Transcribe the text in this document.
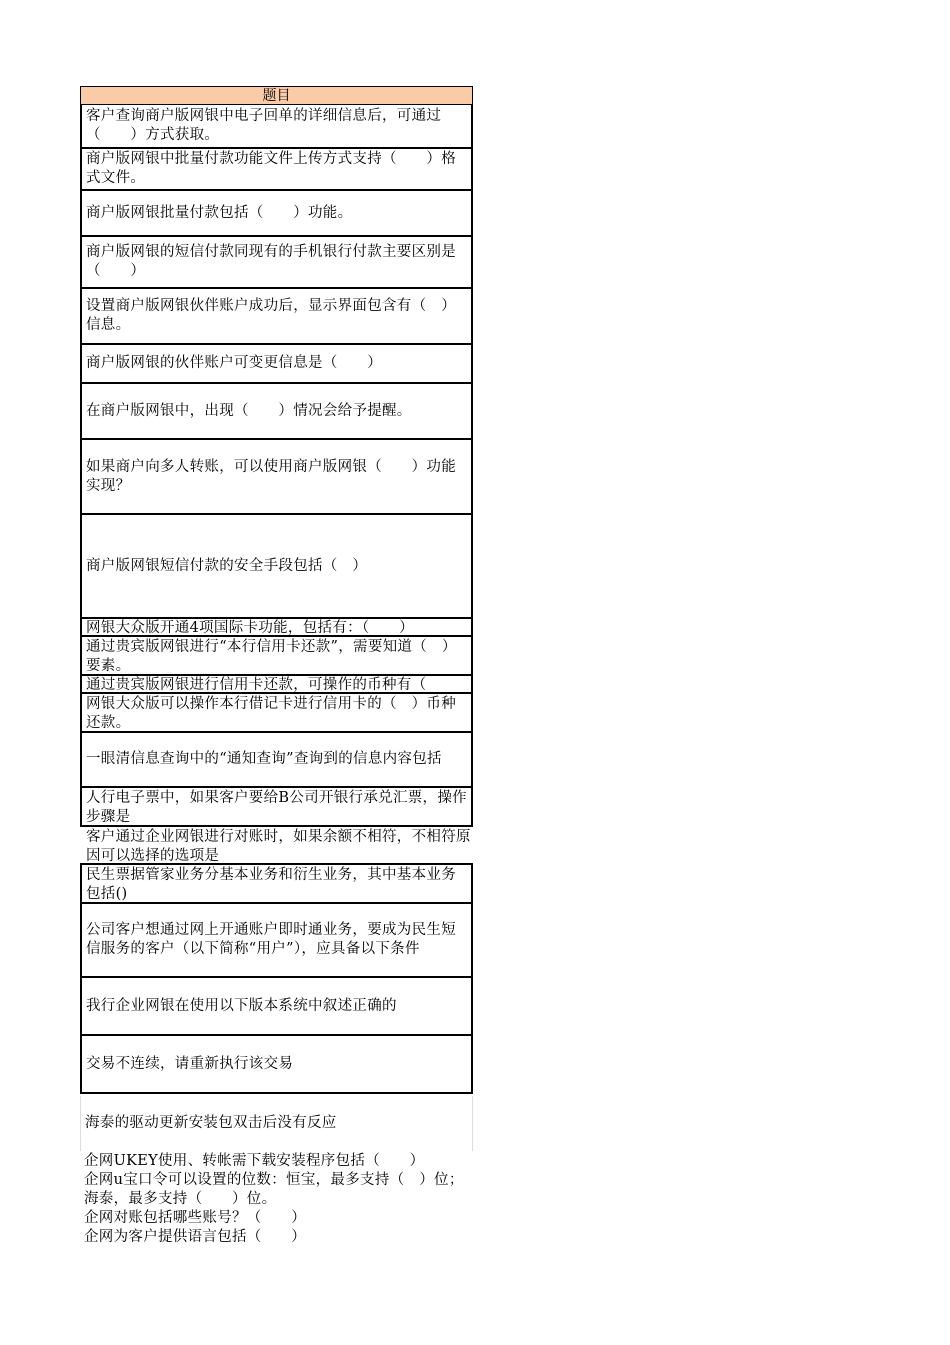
题目
客户查询商户版网银中电子回单的详细信息后，可通过（　　）方式获取。
商户版网银中批量付款功能文件上传方式支持（　　）格式文件。
商户版网银批量付款包括（　　）功能。
商户版网银的短信付款同现有的手机银行付款主要区别是（　　）
设置商户版网银伙伴账户成功后，显示界面包含有（　）信息。
商户版网银的伙伴账户可变更信息是（　　）
在商户版网银中，出现（　　）情况会给予提醒。
如果商户向多人转账，可以使用商户版网银（　　）功能实现？
商户版网银短信付款的安全手段包括（　）
网银大众版开通4项国际卡功能，包括有：（　　）
通过贵宾版网银进行“本行信用卡还款”，需要知道（　）要素。
通过贵宾版网银进行信用卡还款，可操作的币种有（
网银大众版可以操作本行借记卡进行信用卡的（　）币种还款。
一眼清信息查询中的“通知查询”查询到的信息内容包括
人行电子票中，如果客户要给B公司开银行承兑汇票，操作步骤是
客户通过企业网银进行对账时，如果余额不相符，不相符原因可以选择的选项是
民生票据管家业务分基本业务和衍生业务，其中基本业务包括()
公司客户想通过网上开通账户即时通业务，要成为民生短信服务的客户（以下简称“用户”），应具备以下条件
我行企业网银在使用以下版本系统中叙述正确的
交易不连续，请重新执行该交易
海泰的驱动更新安装包双击后没有反应
企网UKEY使用、转帐需下载安装程序包括（　　）
企网u宝口令可以设置的位数：恒宝，最多支持（　）位；海泰，最多支持（　　）位。
企网对账包括哪些账号？（　　）
企网为客户提供语言包括（　　）
